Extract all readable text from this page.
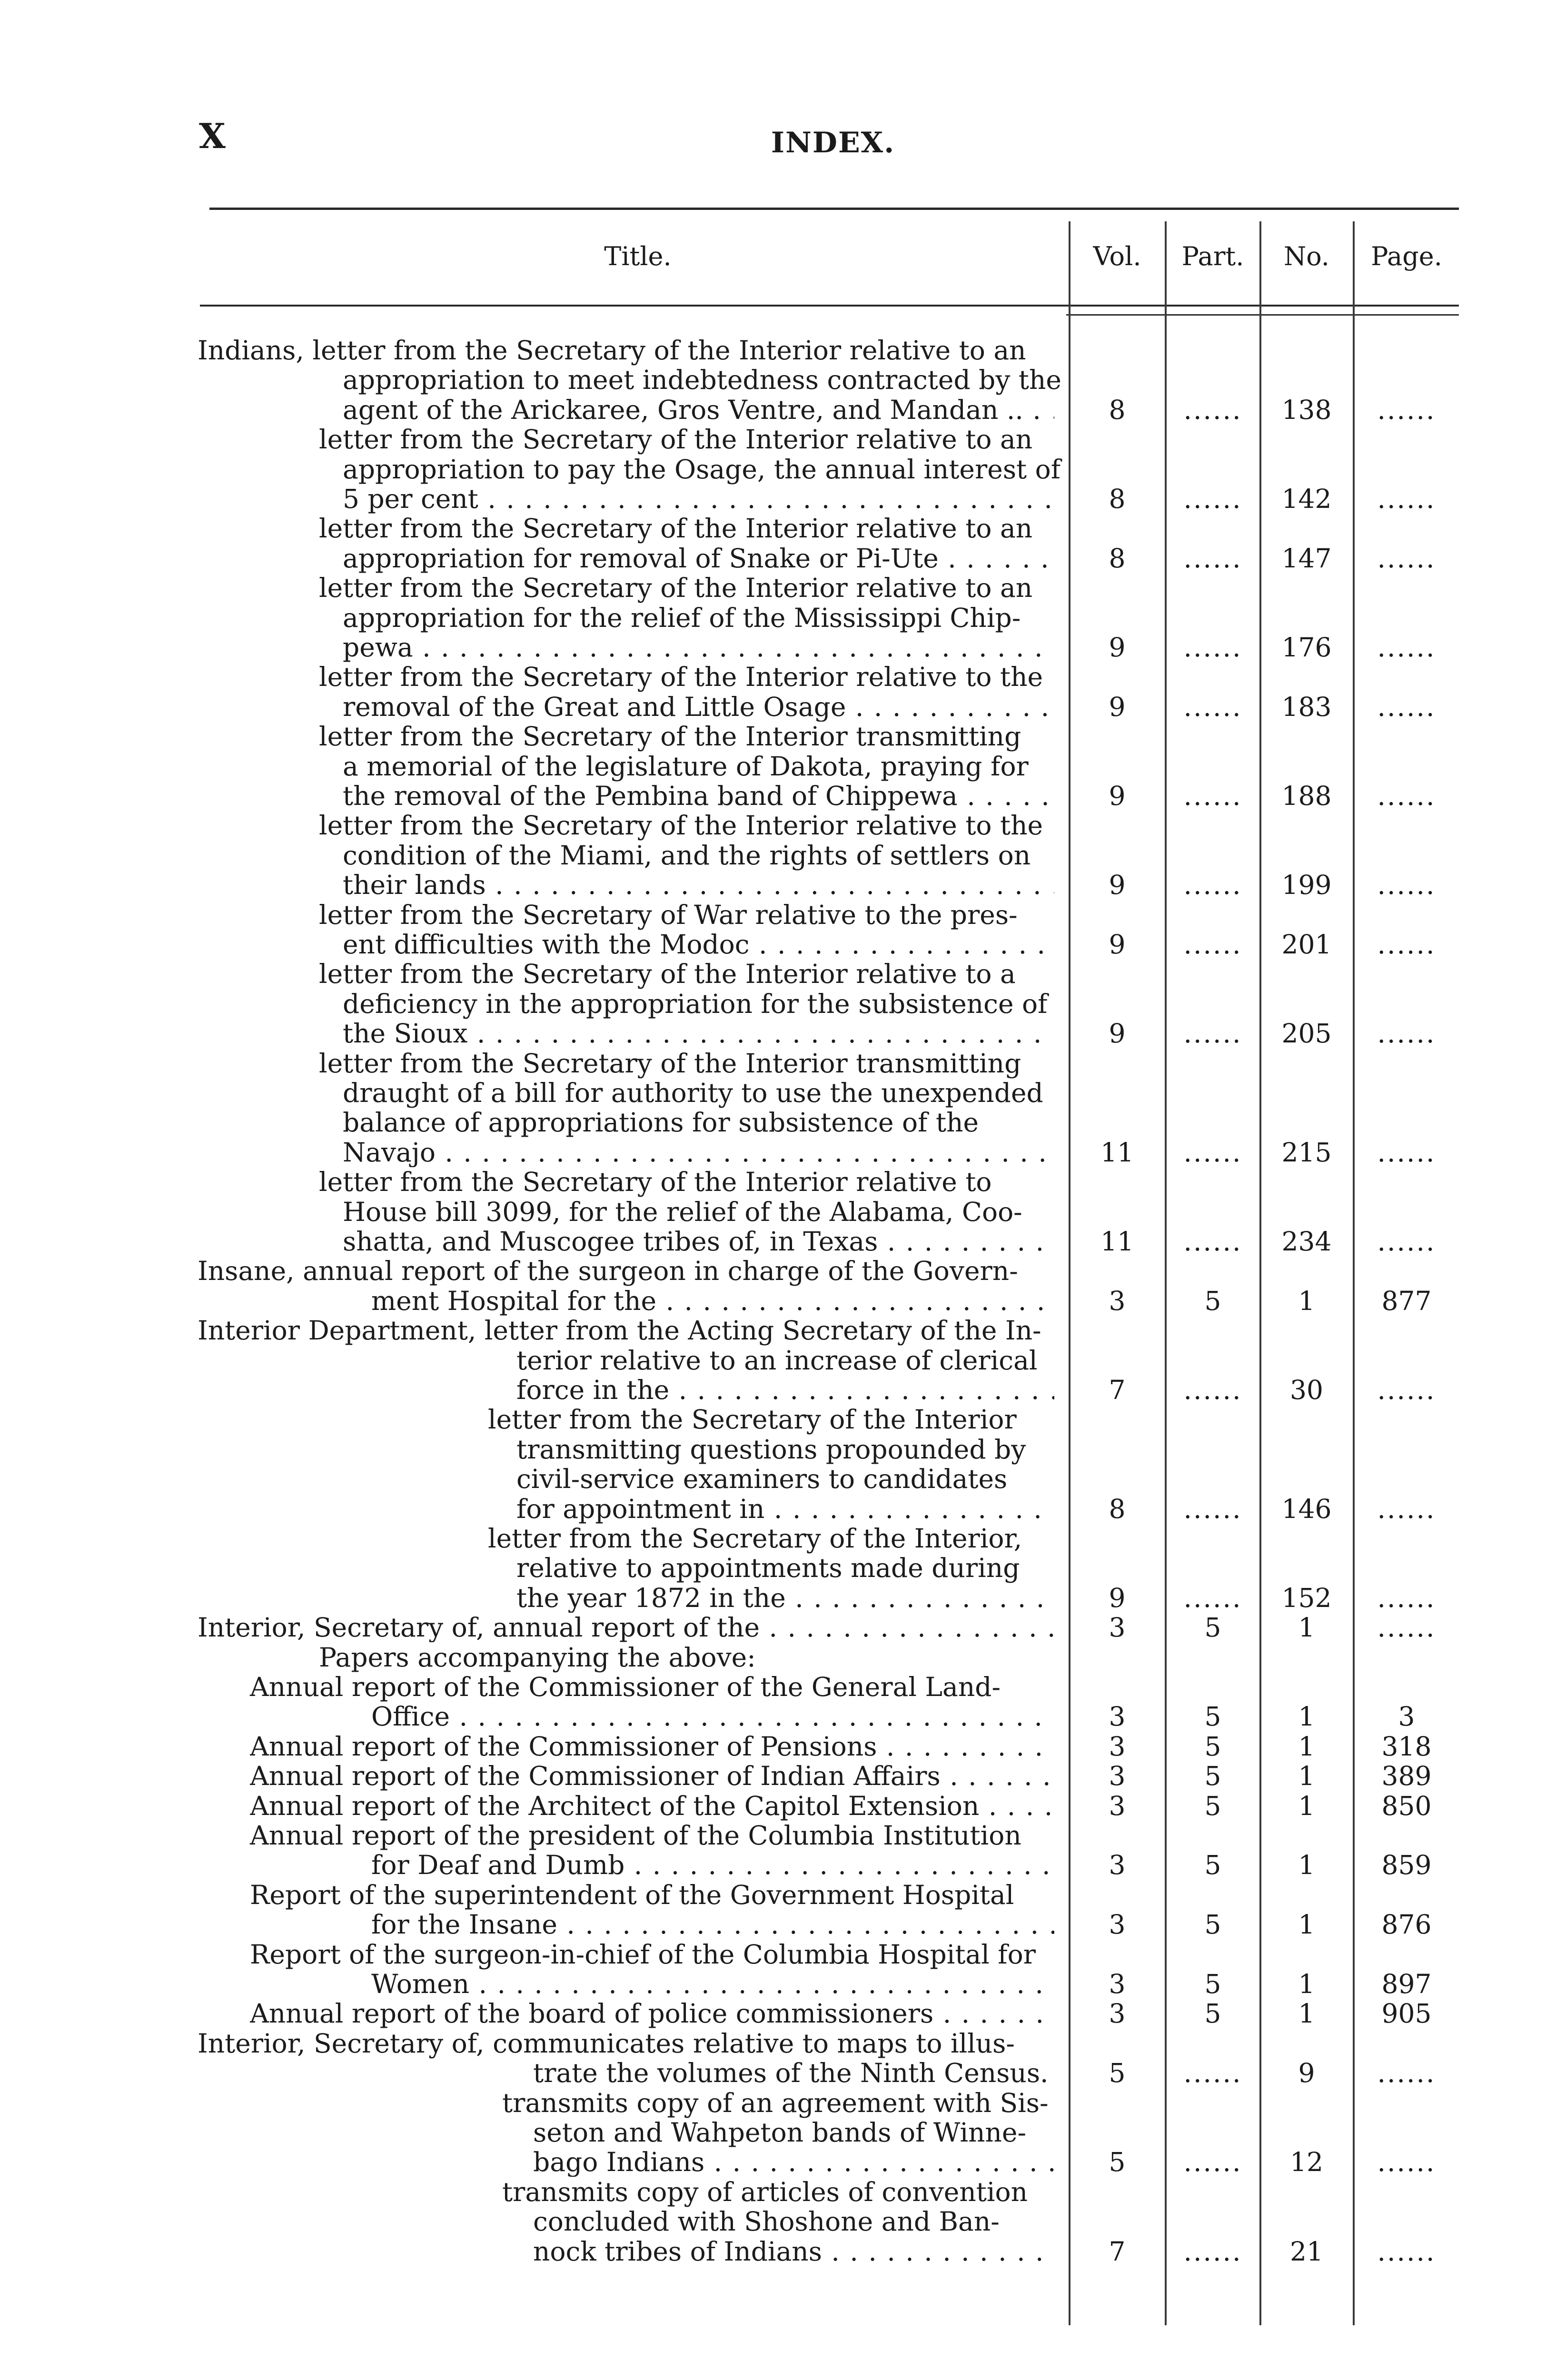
X	INDEX.
Title.	Vol.	Part.	No.	Page.
Indians, letter from the Secretary of the Interior relative to an
appropriation to meet indebtedness contracted by the
agent of the Arickaree, Gros Ventre, and Mandan .. . . .	8	......	138	......
letter from the Secretary of the Interior relative to an
appropriation to pay the Osage, the annual interest of
5 per cent . . .	8	......	142	......
letter from the Secretary of the Interior relative to an
appropriation for removal of Snake or Pi-Ute . . .	8	......	147	......
letter from the Secretary of the Interior relative to an
appropriation for the relief of the Mississippi Chip-
pewa . . .	9	......	176	......
letter from the Secretary of the Interior relative to the
removal of the Great and Little Osage . . .	9	......	183	......
letter from the Secretary of the Interior transmitting
a memorial of the legislature of Dakota, praying for
the removal of the Pembina band of Chippewa . . .	9	......	188	......
letter from the Secretary of the Interior relative to the
condition of the Miami, and the rights of settlers on
their lands . . .	9	......	199	......
letter from the Secretary of War relative to the pres-
ent difficulties with the Modoc . . .	9	......	201	......
letter from the Secretary of the Interior relative to a
deficiency in the appropriation for the subsistence of
the Sioux . . .	9	......	205	......
letter from the Secretary of the Interior transmitting
draught of a bill for authority to use the unexpended
balance of appropriations for subsistence of the
Navajo . . .	11	......	215	......
letter from the Secretary of the Interior relative to
House bill 3099, for the relief of the Alabama, Coo-
shatta, and Muscogee tribes of, in Texas . . .	11	......	234	......
Insane, annual report of the surgeon in charge of the Govern-
ment Hospital for the . . .	3	5	1	877
Interior Department, letter from the Acting Secretary of the In-
terior relative to an increase of clerical
force in the . . .	7	......	30	......
letter from the Secretary of the Interior
transmitting questions propounded by
civil-service examiners to candidates
for appointment in . . .	8	......	146	......
letter from the Secretary of the Interior,
relative to appointments made during
the year 1872 in the . . .	9	......	152	......
Interior, Secretary of, annual report of the . . .	3	5	1	......
Papers accompanying the above:
Annual report of the Commissioner of the General Land-
Office . . .	3	5	1	3
Annual report of the Commissioner of Pensions . . .	3	5	1	318
Annual report of the Commissioner of Indian Affairs . . .	3	5	1	389
Annual report of the Architect of the Capitol Extension . . .	3	5	1	850
Annual report of the president of the Columbia Institution
for Deaf and Dumb . . .	3	5	1	859
Report of the superintendent of the Government Hospital
for the Insane . . .	3	5	1	876
Report of the surgeon-in-chief of the Columbia Hospital for
Women . . .	3	5	1	897
Annual report of the board of police commissioners . . .	3	5	1	905
Interior, Secretary of, communicates relative to maps to illus-
trate the volumes of the Ninth Census. . . .	5	......	9	......
transmits copy of an agreement with Sis-
seton and Wahpeton bands of Winne-
bago Indians . . .	5	......	12	......
transmits copy of articles of convention
concluded with Shoshone and Ban-
nock tribes of Indians . . .	7	......	21	......
